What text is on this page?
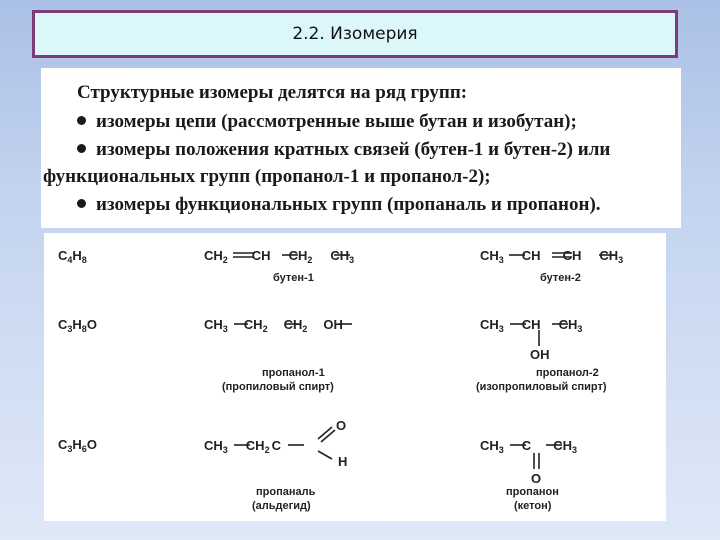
2.2. Изомерия
Структурные изомеры делятся на ряд групп:
изомеры цепи (рассмотренные выше бутан и изобутан);
изомеры положения кратных связей (бутен-1 и бутен-2) или
функциональных групп (пропанол-1 и пропанол-2);
изомеры функциональных групп (пропаналь и пропанон).
$C_4H_8$
$C_3H_8O$
$C_3H_6O$
$CH_2$ CH $CH_2$ $CH_3$
бутен-1
$CH_3$ CH CH $CH_3$
бутен-2
$CH_3$ $CH_2$ $CH_2$ OH
пропанол-1
(пропиловый спирт)
$CH_3$ CH $CH_3$
OH
пропанол-2
(изопропиловый спирт)
$CH_3$ $CH_2$ C
O
H
пропаналь
(альдегид)
$CH_3$ C $CH_3$
O
пропанон
(кетон)
